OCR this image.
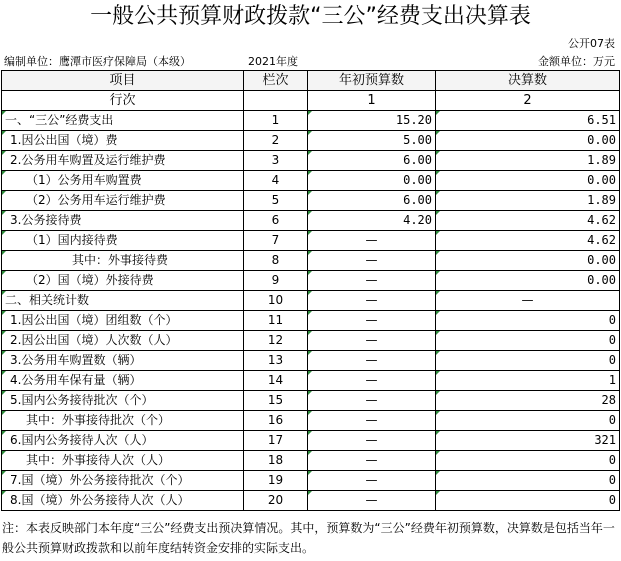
一般公共预算财政拨款“三公”经费支出决算表
公开07表
编制单位：鹰潭市医疗保障局（本级）	2021年度	金额单位：万元
项目	栏次	年初预算数	决算数
行次		1	2
一、“三公”经费支出	1	15.20	6.51
1.因公出国（境）费	2	5.00	0.00
2.公务用车购置及运行维护费	3	6.00	1.89
（1）公务用车购置费	4	0.00	0.00
（2）公务用车运行维护费	5	6.00	1.89
3.公务接待费	6	4.20	4.62
（1）国内接待费	7	—	4.62
其中：外事接待费	8	—	0.00
（2）国（境）外接待费	9	—	0.00
二、相关统计数	10	—	—
1.因公出国（境）团组数（个）	11	—	0
2.因公出国（境）人次数（人）	12	—	0
3.公务用车购置数（辆）	13	—	0
4.公务用车保有量（辆）	14	—	1
5.国内公务接待批次（个）	15	—	28
其中：外事接待批次（个）	16	—	0
6.国内公务接待人次（人）	17	—	321
其中：外事接待人次（人）	18	—	0
7.国（境）外公务接待批次（个）	19	—	0
8.国（境）外公务接待人次（人）	20	—	0
注：本表反映部门本年度“三公”经费支出预决算情况。其中，预算数为“三公”经费年初预算数，决算数是包括当年一般公共预算财政拨款和以前年度结转资金安排的实际支出。
